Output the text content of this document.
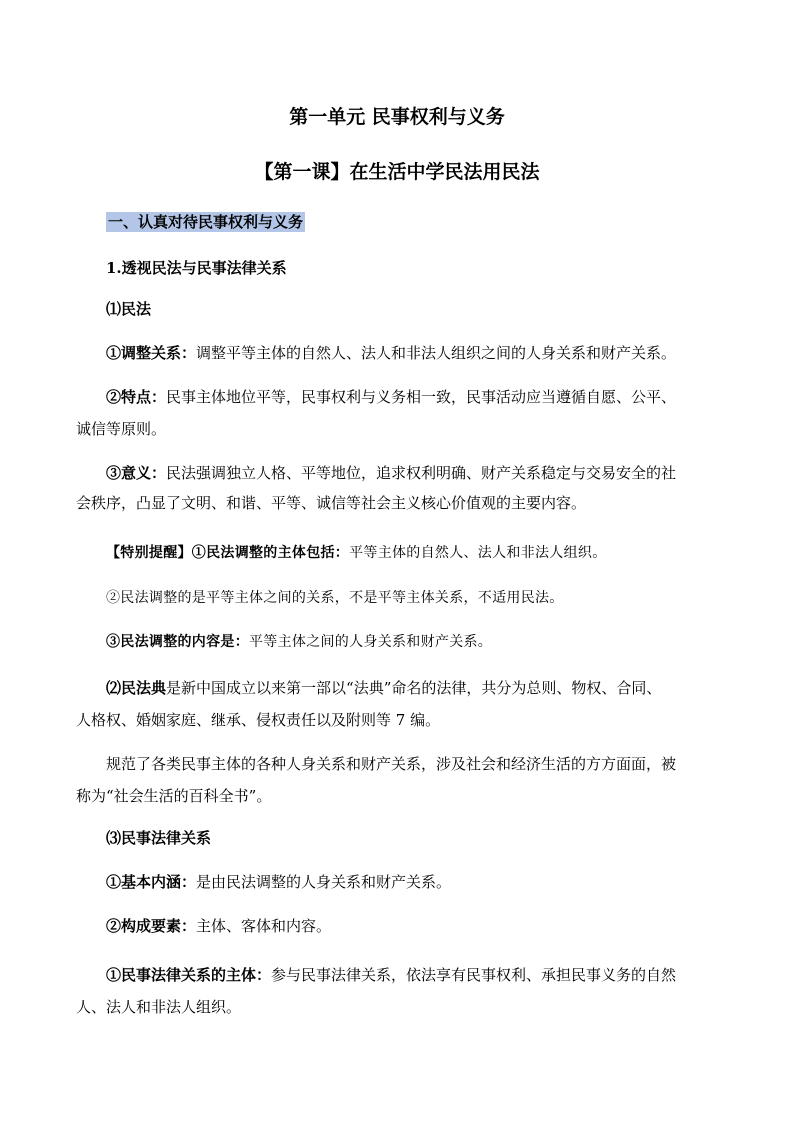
第一单元 民事权利与义务
【第一课】在生活中学民法用民法
一、认真对待民事权利与义务
1.透视民法与民事法律关系
⑴民法
①调整关系：调整平等主体的自然人、法人和非法人组织之间的人身关系和财产关系。
②特点：民事主体地位平等，民事权利与义务相一致，民事活动应当遵循自愿、公平、
诚信等原则。
③意义：民法强调独立人格、平等地位，追求权利明确、财产关系稳定与交易安全的社
会秩序，凸显了文明、和谐、平等、诚信等社会主义核心价值观的主要内容。
【特别提醒】①民法调整的主体包括：平等主体的自然人、法人和非法人组织。
②民法调整的是平等主体之间的关系，不是平等主体关系，不适用民法。
③民法调整的内容是：平等主体之间的人身关系和财产关系。
⑵民法典是新中国成立以来第一部以“法典”命名的法律，共分为总则、物权、合同、
人格权、婚姻家庭、继承、侵权责任以及附则等 7 编。
规范了各类民事主体的各种人身关系和财产关系，涉及社会和经济生活的方方面面，被
称为“社会生活的百科全书”。
⑶民事法律关系
①基本内涵：是由民法调整的人身关系和财产关系。
②构成要素：主体、客体和内容。
①民事法律关系的主体：参与民事法律关系，依法享有民事权利、承担民事义务的自然
人、法人和非法人组织。
